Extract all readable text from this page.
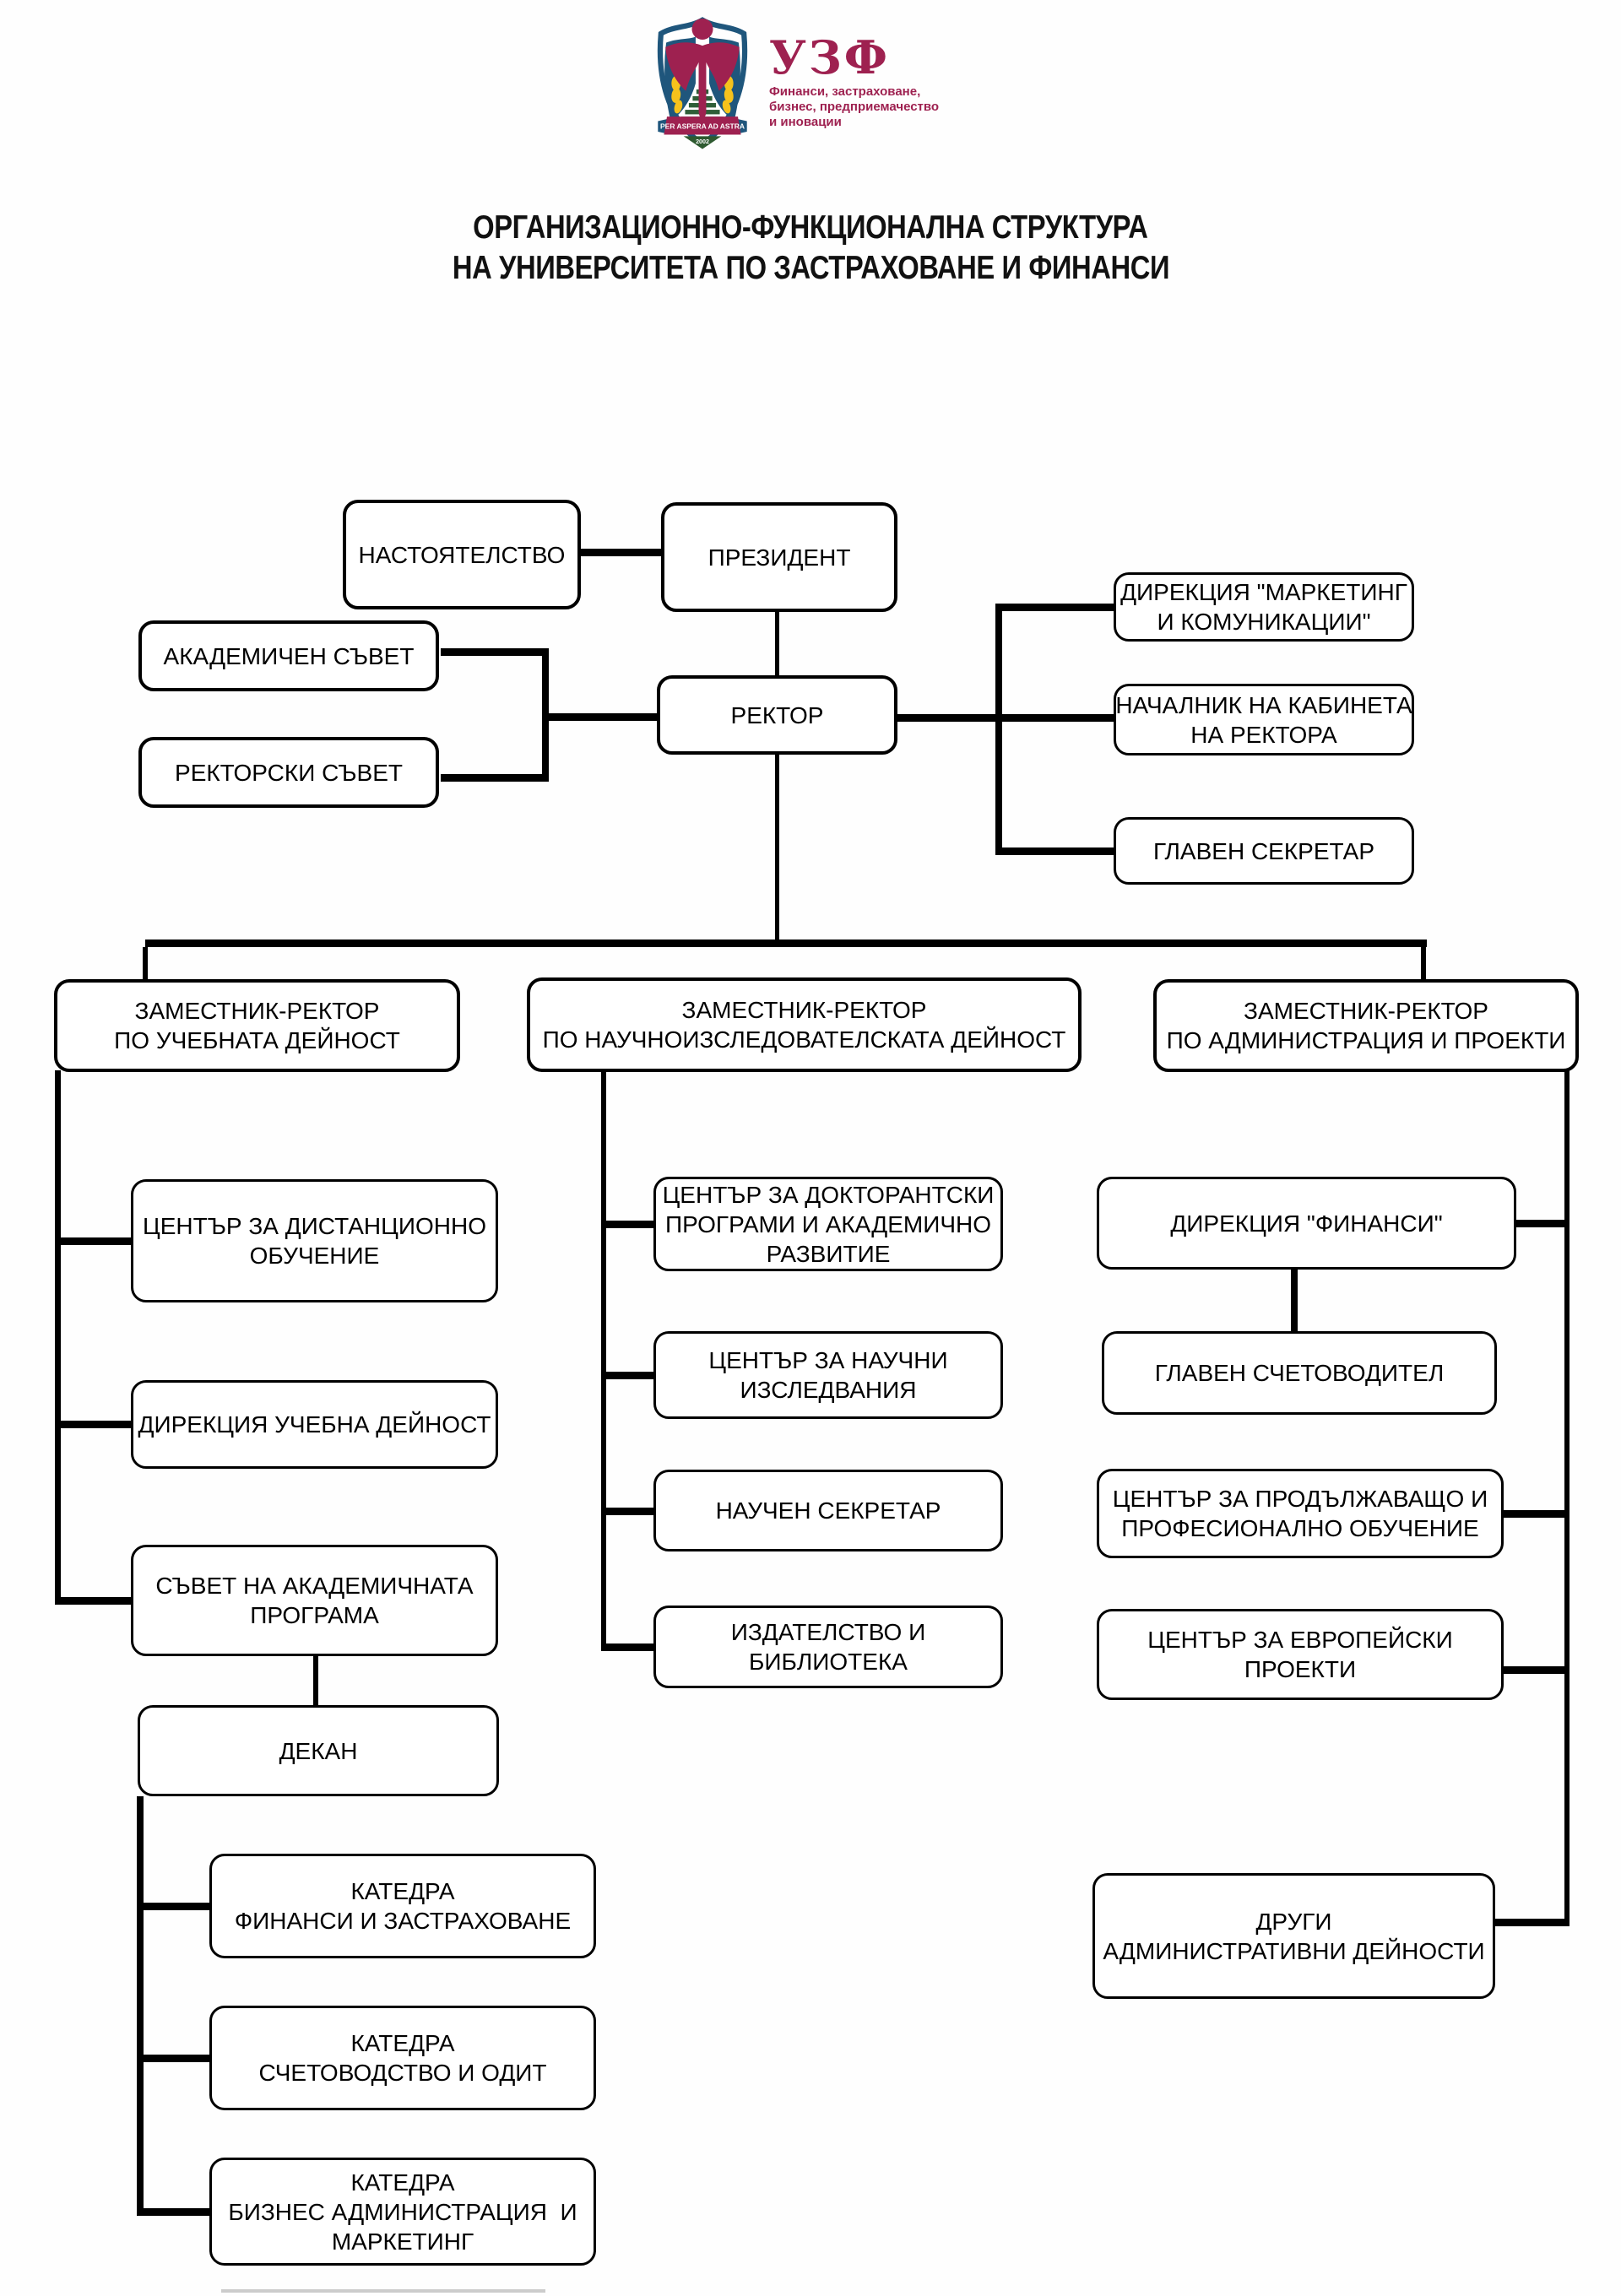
PER ASPERA AD ASTRA
2002
УЗФ
Финанси, застраховане,
бизнес, предприемачество
и иновации
ОРГАНИЗАЦИОННО-ФУНКЦИОНАЛНА СТРУКТУРА
НА УНИВЕРСИТЕТА ПО ЗАСТРАХОВАНЕ И ФИНАНСИ
НАСТОЯТЕЛСТВО	ПРЕЗИДЕНТ
АКАДЕМИЧЕН СЪВЕТ
РЕКТОРСКИ СЪВЕТ
РЕКТОР
ДИРЕКЦИЯ "МАРКЕТИНГ
И КОМУНИКАЦИИ"
НАЧАЛНИК НА КАБИНЕТА
НА РЕКТОРА
ГЛАВЕН СЕКРЕТАР
ЗАМЕСТНИК-РЕКТОР
ПО УЧЕБНАТА ДЕЙНОСТ
ЗАМЕСТНИК-РЕКТОР
ПО НАУЧНОИЗСЛЕДОВАТЕЛСКАТА ДЕЙНОСТ
ЗАМЕСТНИК-РЕКТОР
ПО АДМИНИСТРАЦИЯ И ПРОЕКТИ
ЦЕНТЪР ЗА ДИСТАНЦИОННО
ОБУЧЕНИЕ
ДИРЕКЦИЯ УЧЕБНА ДЕЙНОСТ
СЪВЕТ НА АКАДЕМИЧНАТА
ПРОГРАМА
ДЕКАН
КАТЕДРА
ФИНАНСИ И ЗАСТРАХОВАНЕ
КАТЕДРА
СЧЕТОВОДСТВО И ОДИТ
КАТЕДРА
БИЗНЕС АДМИНИСТРАЦИЯ  И
МАРКЕТИНГ
ЦЕНТЪР ЗА ДОКТОРАНТСКИ
ПРОГРАМИ И АКАДЕМИЧНО
РАЗВИТИЕ
ЦЕНТЪР ЗА НАУЧНИ
ИЗСЛЕДВАНИЯ
НАУЧЕН СЕКРЕТАР
ИЗДАТЕЛСТВО И
БИБЛИОТЕКА
ДИРЕКЦИЯ "ФИНАНСИ"
ГЛАВЕН СЧЕТОВОДИТЕЛ
ЦЕНТЪР ЗА ПРОДЪЛЖАВАЩО И
ПРОФЕСИОНАЛНО ОБУЧЕНИЕ
ЦЕНТЪР ЗА ЕВРОПЕЙСКИ
ПРОЕКТИ
ДРУГИ
АДМИНИСТРАТИВНИ ДЕЙНОСТИ
